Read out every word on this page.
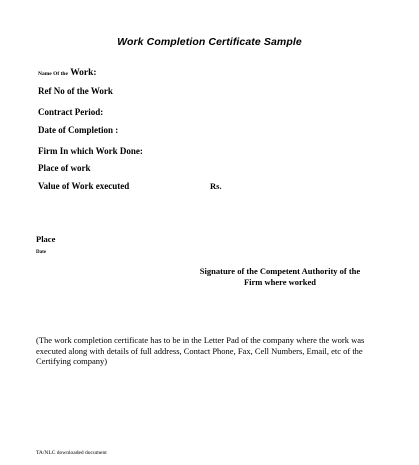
Work Completion Certificate Sample
Name Of the Work:
Ref No of the Work
Contract Period:
Date of Completion :
Firm In which Work Done:
Place of work
Value of Work executed	Rs.
Place
Date
Signature of the Competent Authority of the
Firm where worked
(The work completion certificate has to be in the Letter Pad of the company where the work was executed along with details of full address, Contact Phone, Fax, Cell Numbers, Email, etc of the Certifying company)
TA/NLC downloaded document
